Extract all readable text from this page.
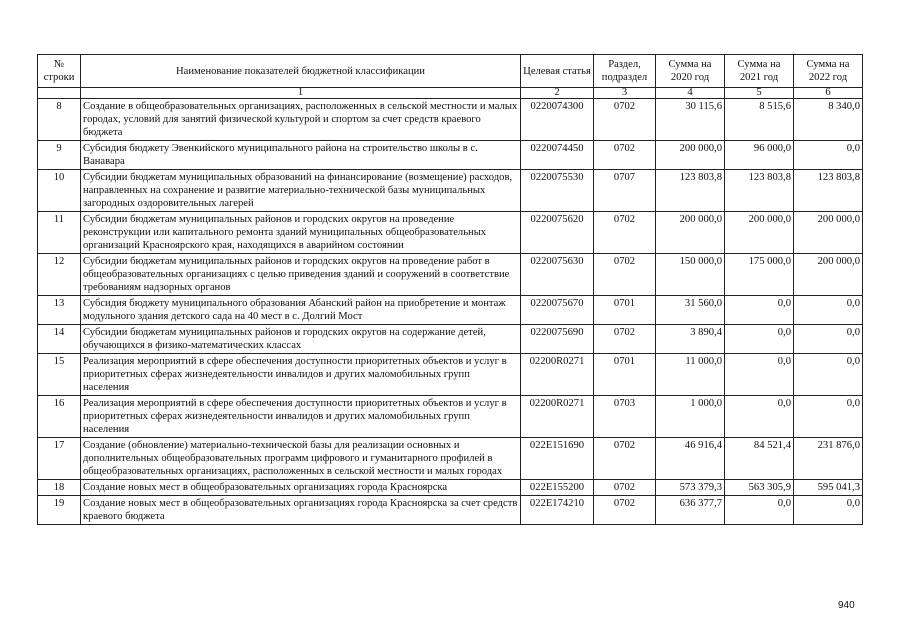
№ строки	Наименование показателей бюджетной классификации	Целевая статья	Раздел, подраздел	Сумма на 2020 год	Сумма на 2021 год	Сумма на 2022 год
	1	2	3	4	5	6
8	Создание в общеобразовательных организациях, расположенных в сельской местности и малых городах, условий для занятий физической культурой и спортом за счет средств краевого бюджета	0220074300	0702	30 115,6	8 515,6	8 340,0
9	Субсидия бюджету Эвенкийского муниципального района на строительство школы в с. Ванавара	0220074450	0702	200 000,0	96 000,0	0,0
10	Субсидии бюджетам муниципальных образований на финансирование (возмещение) расходов, направленных на сохранение и развитие материально-технической базы муниципальных загородных оздоровительных лагерей	0220075530	0707	123 803,8	123 803,8	123 803,8
11	Субсидии бюджетам муниципальных районов и городских округов на проведение реконструкции или капитального ремонта зданий муниципальных общеобразовательных организаций Красноярского края, находящихся в аварийном состоянии	0220075620	0702	200 000,0	200 000,0	200 000,0
12	Субсидии бюджетам муниципальных районов и городских округов на проведение работ в общеобразовательных организациях с целью приведения зданий и сооружений в соответствие требованиям надзорных органов	0220075630	0702	150 000,0	175 000,0	200 000,0
13	Субсидия бюджету муниципального образования Абанский район на приобретение и монтаж модульного здания детского сада на 40 мест в с. Долгий Мост	0220075670	0701	31 560,0	0,0	0,0
14	Субсидии бюджетам муниципальных районов и городских округов на содержание детей, обучающихся в физико-математических классах	0220075690	0702	3 890,4	0,0	0,0
15	Реализация мероприятий в сфере обеспечения доступности приоритетных объектов и услуг в приоритетных сферах жизнедеятельности инвалидов и других маломобильных групп населения	02200R0271	0701	11 000,0	0,0	0,0
16	Реализация мероприятий в сфере обеспечения доступности приоритетных объектов и услуг в приоритетных сферах жизнедеятельности инвалидов и других маломобильных групп населения	02200R0271	0703	1 000,0	0,0	0,0
17	Создание (обновление) материально-технической базы для реализации основных и дополнительных общеобразовательных программ цифрового и гуманитарного профилей в общеобразовательных организациях, расположенных в сельской местности и малых городах	022E151690	0702	46 916,4	84 521,4	231 876,0
18	Создание новых мест в общеобразовательных организациях города Красноярска	022E155200	0702	573 379,3	563 305,9	595 041,3
19	Создание новых мест в общеобразовательных организациях города Красноярска за счет средств краевого бюджета	022E174210	0702	636 377,7	0,0	0,0
940
